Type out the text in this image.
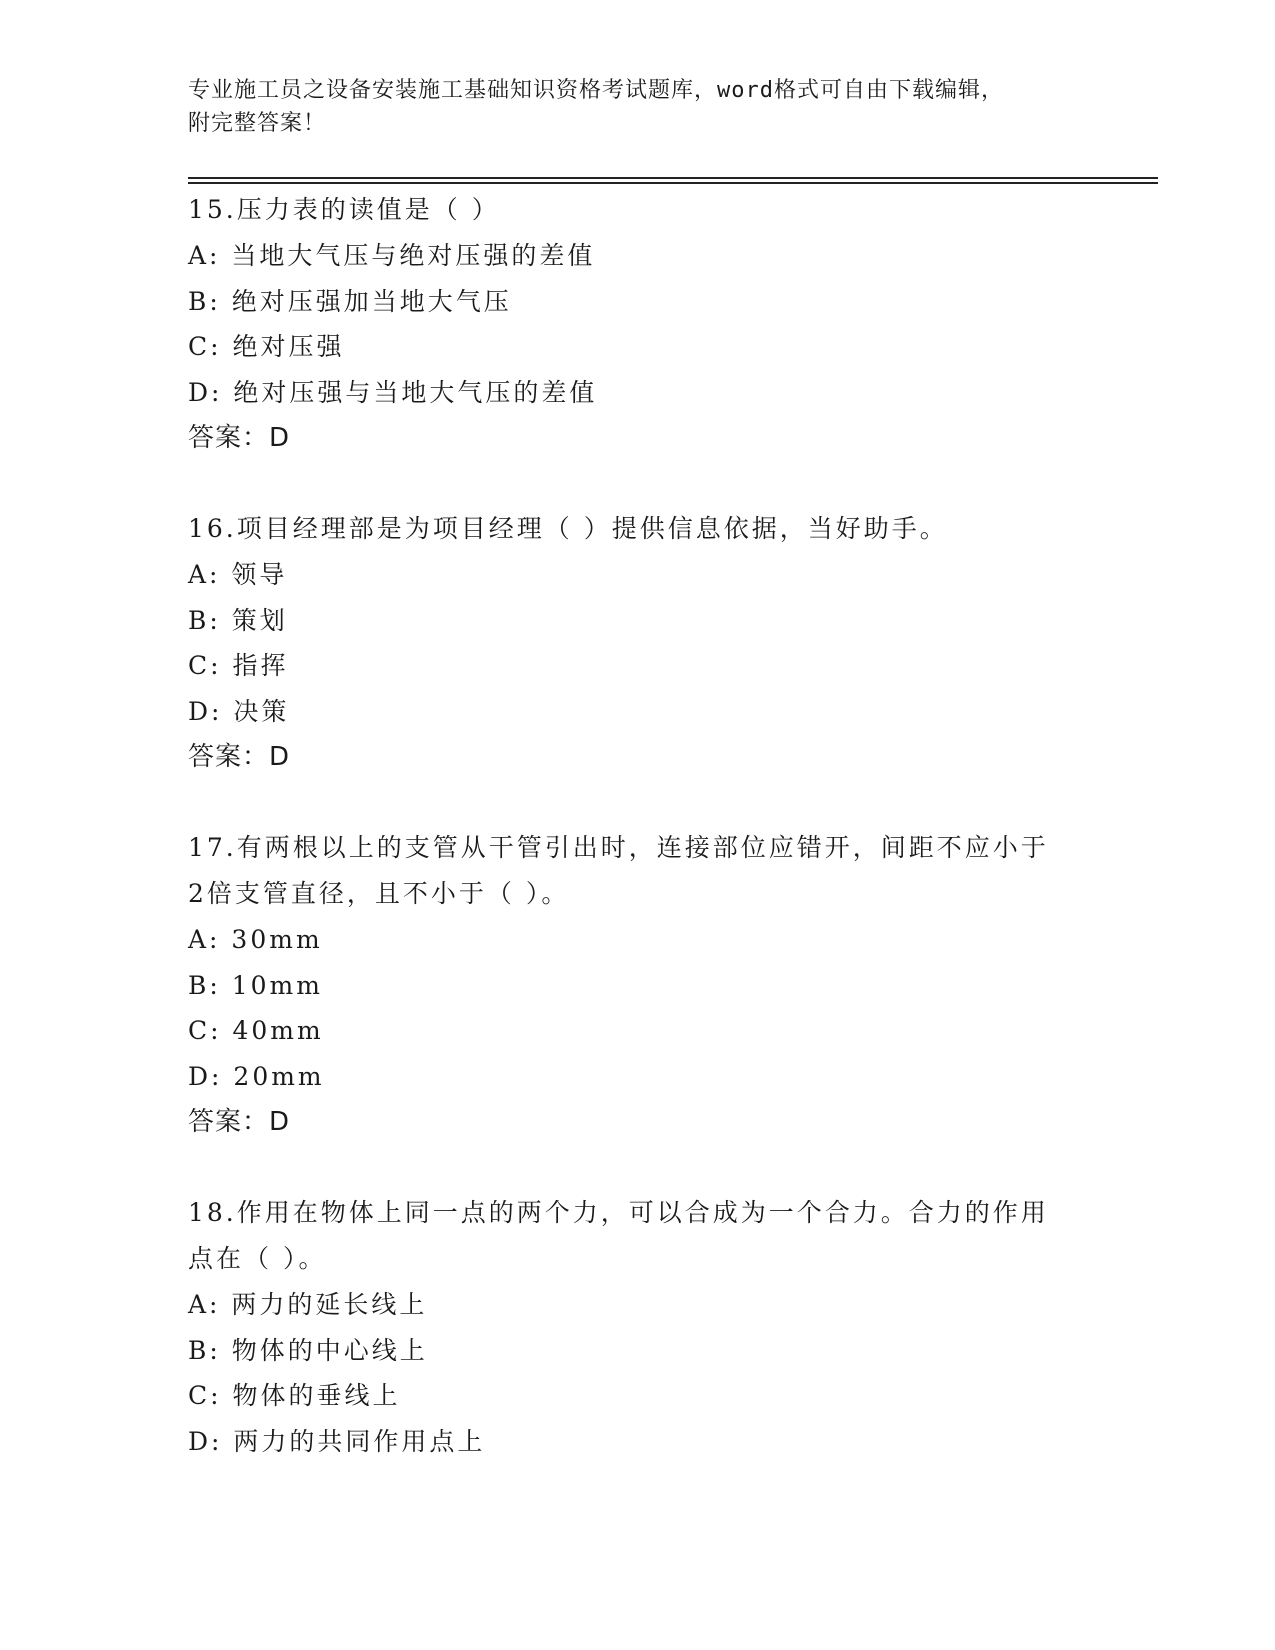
专业施工员之设备安装施工基础知识资格考试题库，word格式可自由下载编辑，
附完整答案！
15.压力表的读值是（ ）
A: 当地大气压与绝对压强的差值
B: 绝对压强加当地大气压
C: 绝对压强
D: 绝对压强与当地大气压的差值
答案：D
16.项目经理部是为项目经理（ ）提供信息依据，当好助手。
A: 领导
B: 策划
C: 指挥
D: 决策
答案：D
17.有两根以上的支管从干管引出时，连接部位应错开，间距不应小于
2倍支管直径，且不小于（ ）。
A: 30mm
B: 10mm
C: 40mm
D: 20mm
答案：D
18.作用在物体上同一点的两个力，可以合成为一个合力。合力的作用
点在（ ）。
A: 两力的延长线上
B: 物体的中心线上
C: 物体的垂线上
D: 两力的共同作用点上
